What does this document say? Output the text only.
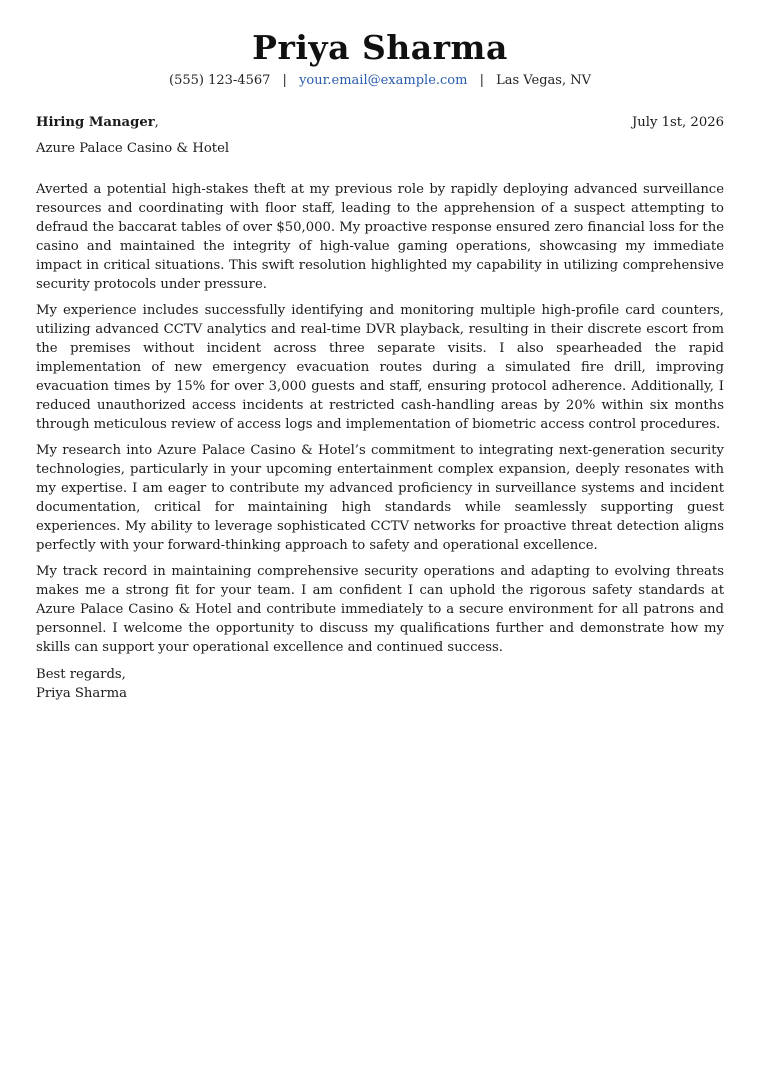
Priya Sharma
(555) 123-4567 | your.email@example.com | Las Vegas, NV
Hiring Manager,	July 1st, 2026
Azure Palace Casino & Hotel

Averted a potential high-stakes theft at my previous role by rapidly deploying advanced surveillance resources and coordinating with floor staff, leading to the apprehension of a suspect attempting to defraud the baccarat tables of over $50,000. My proactive response ensured zero financial loss for the casino and maintained the integrity of high-value gaming operations, showcasing my immediate impact in critical situations. This swift resolution highlighted my capability in utilizing comprehensive security protocols under pressure.

My experience includes successfully identifying and monitoring multiple high-profile card counters, utilizing advanced CCTV analytics and real-time DVR playback, resulting in their discrete escort from the premises without incident across three separate visits. I also spearheaded the rapid implementation of new emergency evacuation routes during a simulated fire drill, improving evacuation times by 15% for over 3,000 guests and staff, ensuring protocol adherence. Additionally, I reduced unauthorized access incidents at restricted cash-handling areas by 20% within six months through meticulous review of access logs and implementation of biometric access control procedures.

My research into Azure Palace Casino & Hotel’s commitment to integrating next-generation security technologies, particularly in your upcoming entertainment complex expansion, deeply resonates with my expertise. I am eager to contribute my advanced proficiency in surveillance systems and incident documentation, critical for maintaining high standards while seamlessly supporting guest experiences. My ability to leverage sophisticated CCTV networks for proactive threat detection aligns perfectly with your forward-thinking approach to safety and operational excellence.

My track record in maintaining comprehensive security operations and adapting to evolving threats makes me a strong fit for your team. I am confident I can uphold the rigorous safety standards at Azure Palace Casino & Hotel and contribute immediately to a secure environment for all patrons and personnel. I welcome the opportunity to discuss my qualifications further and demonstrate how my skills can support your operational excellence and continued success.

Best regards,
Priya Sharma
